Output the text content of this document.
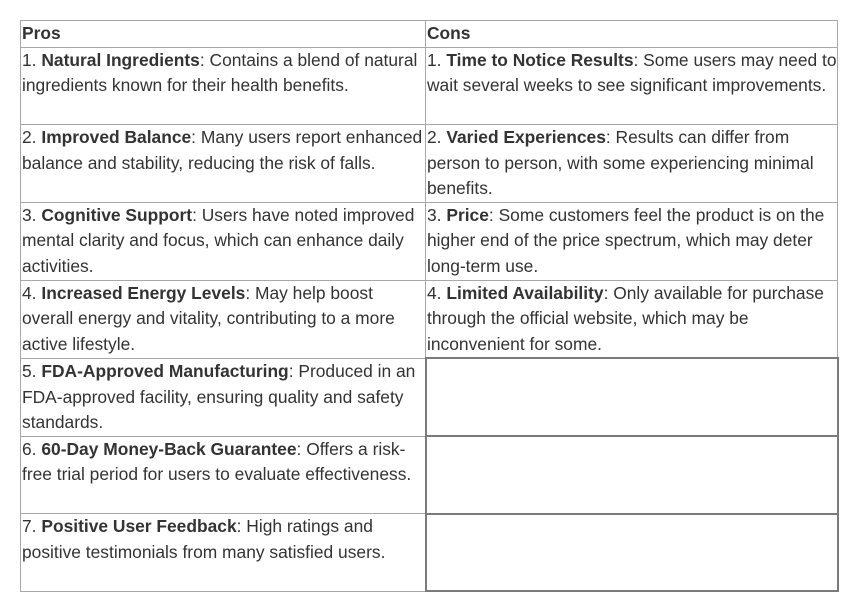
Pros	Cons
1. Natural Ingredients: Contains a blend of natural ingredients known for their health benefits.	1. Time to Notice Results: Some users may need to wait several weeks to see significant improvements.
2. Improved Balance: Many users report enhanced balance and stability, reducing the risk of falls.	2. Varied Experiences: Results can differ from person to person, with some experiencing minimal benefits.
3. Cognitive Support: Users have noted improved mental clarity and focus, which can enhance daily activities.	3. Price: Some customers feel the product is on the higher end of the price spectrum, which may deter long-term use.
4. Increased Energy Levels: May help boost overall energy and vitality, contributing to a more active lifestyle.	4. Limited Availability: Only available for purchase through the official website, which may be inconvenient for some.
5. FDA-Approved Manufacturing: Produced in an FDA-approved facility, ensuring quality and safety standards.	
6. 60-Day Money-Back Guarantee: Offers a risk-free trial period for users to evaluate effectiveness.	
7. Positive User Feedback: High ratings and positive testimonials from many satisfied users.	
